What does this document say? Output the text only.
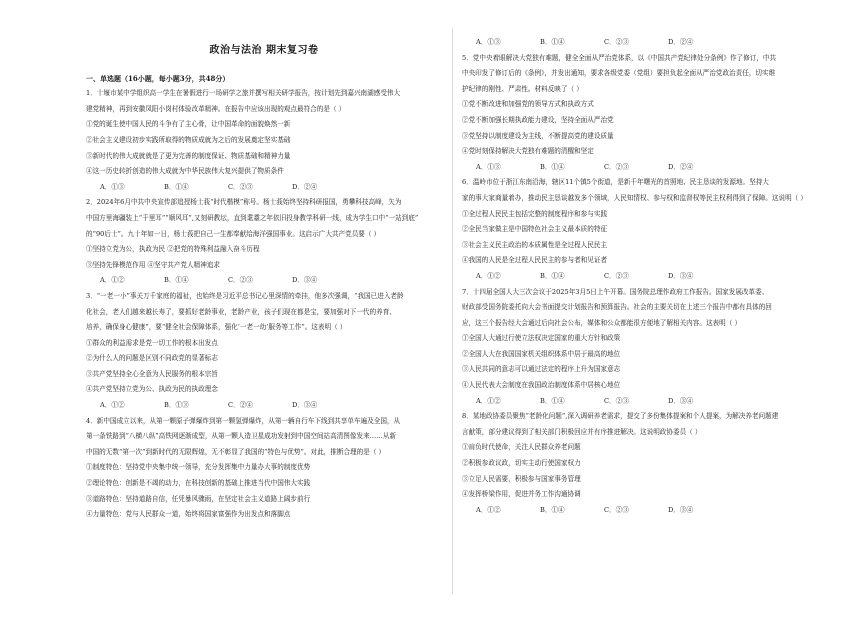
政治与法治 期末复习卷
一、单选题（16小题，每小题3分，共48分）
1．十堰市某中学组织高一学生在暑假进行一场研学之旅并撰写相关研学报告，按计划先到嘉兴南湖感受伟大
建党精神，再到安徽凤阳小岗村体验改革精神。在报告中应该出现的观点最符合的是（ ）
①党的诞生使中国人民的斗争有了主心骨，让中国革命的面貌焕然一新
②社会主义建设初步实践所取得的物质成就为之后的发展奠定坚实基础
③新时代的伟大成就就是了更为完善的制度保证、物质基础和精神力量
④这一历史转折创造的伟大成就为中华民族伟大复兴提供了物质条件
A．①③	B．①④	C．②③	D．②④
2．2024年6月中共中央宣传部追授杨士莪“时代楷模”称号。杨士莪始终坚持科研报国，勇攀科技高峰，矢为
中国方里海疆装上“千里耳”“顺风耳”,又刻研教坛，直到耄耋之年依旧投身教学科研一线，成为学生口中“一站到底”
的“90后士”。九十年如一日，杨士莪把自己一生都奉献给海洋强国事业。这启示广大共产党员要（ ）
①坚持立党为公，执政为民 ②把党的特殊利益融入奋斗历程
③坚持先锋模范作用 ④坚守共产党人精神追求
A．①②	B．①④	C．②③	D．③④
3．“一老一小”事关万千家庭的福祉，也始终是习近平总书记心里深情的牵挂，他多次强调，“我国已进入老龄
化社会，老人们越来越长寿了，要抓好老龄事业，老龄产业，孩子们现在都是宝，要加强对下一代的养育、
培养，确保身心健康”，要“健全社会保障体系，强化‘一老一幼’服务等工作”。这表明（ ）
①群众的利益需求是党一切工作的根本出发点
②为什么人的问题是区别不同政党的显著标志
③共产党坚持全心全意为人民服务的根本宗旨
④共产党坚持立党为公、执政为民的执政理念
A．①②	B．①③	C．②④	D．③④
4．新中国成立以来，从第一颗原子弹爆炸到第一颗氢弹爆炸，从第一辆自行车下线到共享单车遍及全国，从
第一条铁路到“八横八纵”高铁网逐渐成型，从第一颗人造卫星成功发射到中国空间站高清图像发来……从新
中国的无数“第一次”到新时代的无限辉煌，无不彰显了我国的“特色与优势”。对此，推断合理的是（ ）
①制度特色：坚持党中央集中统一领导，充分发挥集中力量办大事的制度优势
②理论特色：创新是不竭的动力，在科技创新的基础上推进当代中国伟大实践
③道路特色：坚持道路自信，任凭暴风骤雨，在坚定社会主义道路上阔步前行
④力量特色：党与人民群众一道，始终将国家富强作为出发点和落脚点
A．①③	B．①④	C．②③	D．②④
5．党中央着眼解决大党独有难题，健全全面从严治党体系，以《中国共产党纪律处分条例》作了修订，中共
中央印发了修订后的《条例》，并发出通知，要求各级党委（党组）要担负起全面从严治党政治责任，切实维
护纪律的刚性、严肃性。材料反映了（ ）
①党不断改进和加强党的领导方式和执政方式
②党不断加强长期执政能力建设，坚持全面从严治党
③党坚持以制度建设为主线，不断提高党的建设质量
④党时刻保持解决大党独有难题的清醒和坚定
A．①③	B．①④	C．②③	D．②④
6．温岭市位于浙江东南沿海，辖区11个镇5个街道，是新千年曙光的首照地、民主恳谈的发源地。坚持大
家的事大家商量着办，推动民主恳谈越发多个领域，人民知情权、参与权和监督权等民主权利得到了保障。这说明（ ）
①全过程人民民主包括完整的制度程序和参与实践
②全民当家做主是中国特色社会主义最本质的特征
③社会主义民主政治的本质属性是全过程人民民主
④我国的人民是全过程人民民主的参与者和见证者
A．①②	B．①④	C．②③	D．③④
7．十四届全国人大三次会议于2025年3月5日上午开幕。国务院总理作政府工作报告。国家发展改革委、
财政部受国务院委托向大会书面提交计划报告和预算报告。社会的主要关切在上述三个报告中都有具体的回
应，这三个报告经大会通过后向社会公布，媒体和公众都能很方便地了解相关内容。这表明（ ）
①全国人大通过行使立法权决定国家的重大方针和政策
②全国人大在我国国家机关组织体系中居于最高的地位
③人民共同的意志可以通过法定的程序上升为国家意志
④人民代表大会制度在我国政治制度体系中居核心地位
A．①②	B．①④	C．②③	D．③④
8．某地政协委员聚焦“老龄化问题”,深入调研养老需求，提交了多份集体提案和个人提案，为解决养老问题建
言献策，部分建议得到了相关部门积极回应并有序推进解决。这说明政协委员（ ）
①肩负时代使命，关注人民群众养老问题
②积极参政议政，切实主动行使国家权力
③立足人民需要，积极参与国家事务管理
④发挥桥梁作用，促进并务工作沟通协调
A．①②	B．①④	C．②③	D．③④
